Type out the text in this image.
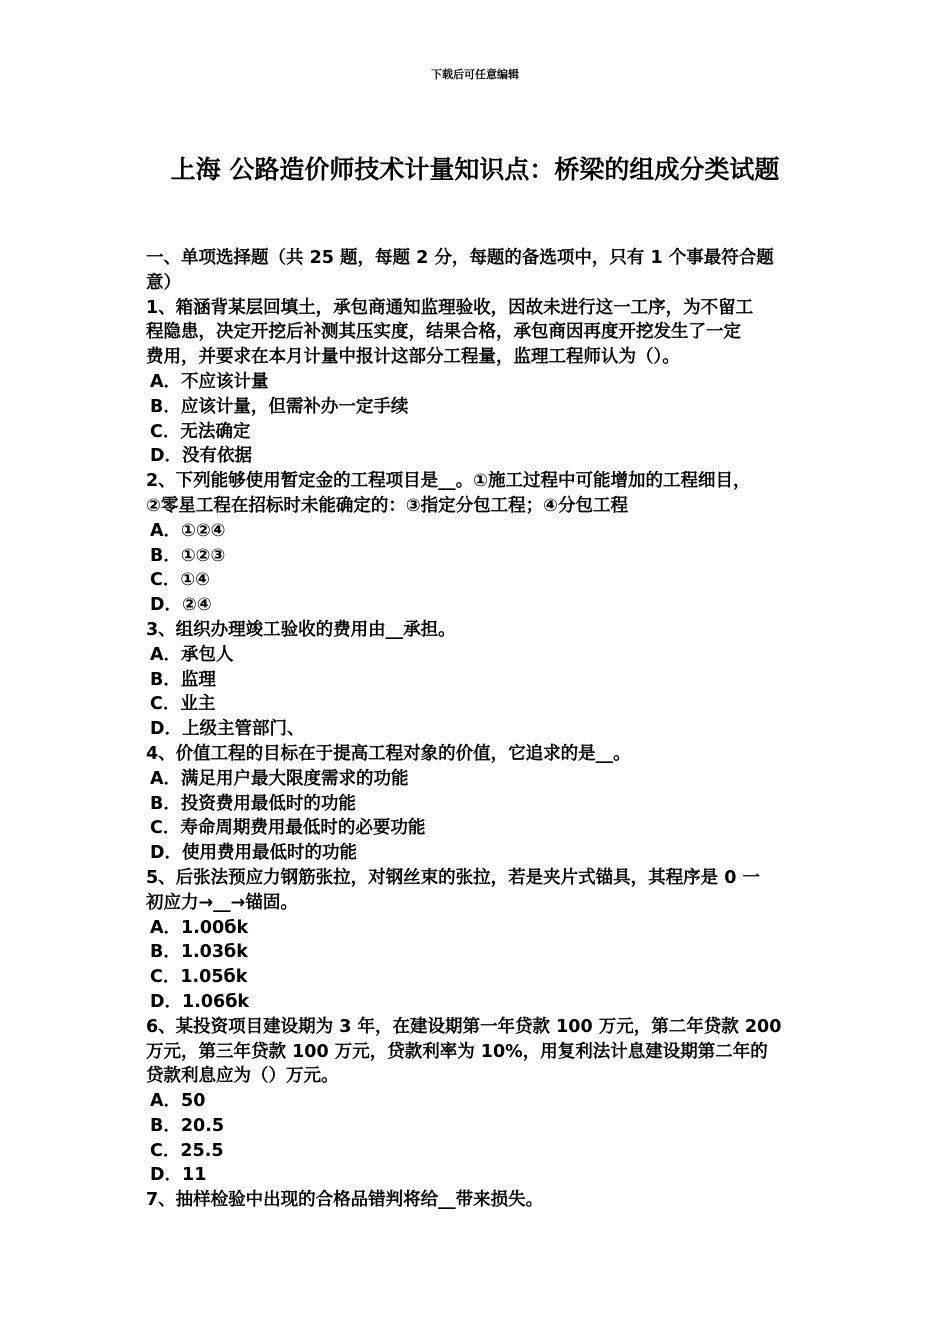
下载后可任意编辑
上海 公路造价师技术计量知识点：桥梁的组成分类试题
一、单项选择题（共 25 题，每题 2 分，每题的备选项中，只有 1 个事最符合题
意）
1、箱涵背某层回填土，承包商通知监理验收，因故未进行这一工序，为不留工
程隐患，决定开挖后补测其压实度，结果合格，承包商因再度开挖发生了一定
费用，并要求在本月计量中报计这部分工程量，监理工程师认为（）。
A．不应该计量
B．应该计量，但需补办一定手续
C．无法确定
D．没有依据
2、下列能够使用暂定金的工程项目是__。①施工过程中可能增加的工程细目，
②零星工程在招标时未能确定的：③指定分包工程；④分包工程
A．①②④
B．①②③
C．①④
D．②④
3、组织办理竣工验收的费用由__承担。
A．承包人
B．监理
C．业主
D．上级主管部门、
4、价值工程的目标在于提高工程对象的价值，它追求的是__。
A．满足用户最大限度需求的功能
B．投资费用最低时的功能
C．寿命周期费用最低时的必要功能
D．使用费用最低时的功能
5、后张法预应力钢筋张拉，对钢丝束的张拉，若是夹片式锚具，其程序是 0 一
初应力→__→锚固。
A．1.00бk
B．1.03бk
C．1.05бk
D．1.06бk
6、某投资项目建设期为 3 年，在建设期第一年贷款 100 万元，第二年贷款 200
万元，第三年贷款 100 万元，贷款利率为 10%，用复利法计息建设期第二年的
贷款利息应为（）万元。
A．50
B．20.5
C．25.5
D．11
7、抽样检验中出现的合格品错判将给__带来损失。
